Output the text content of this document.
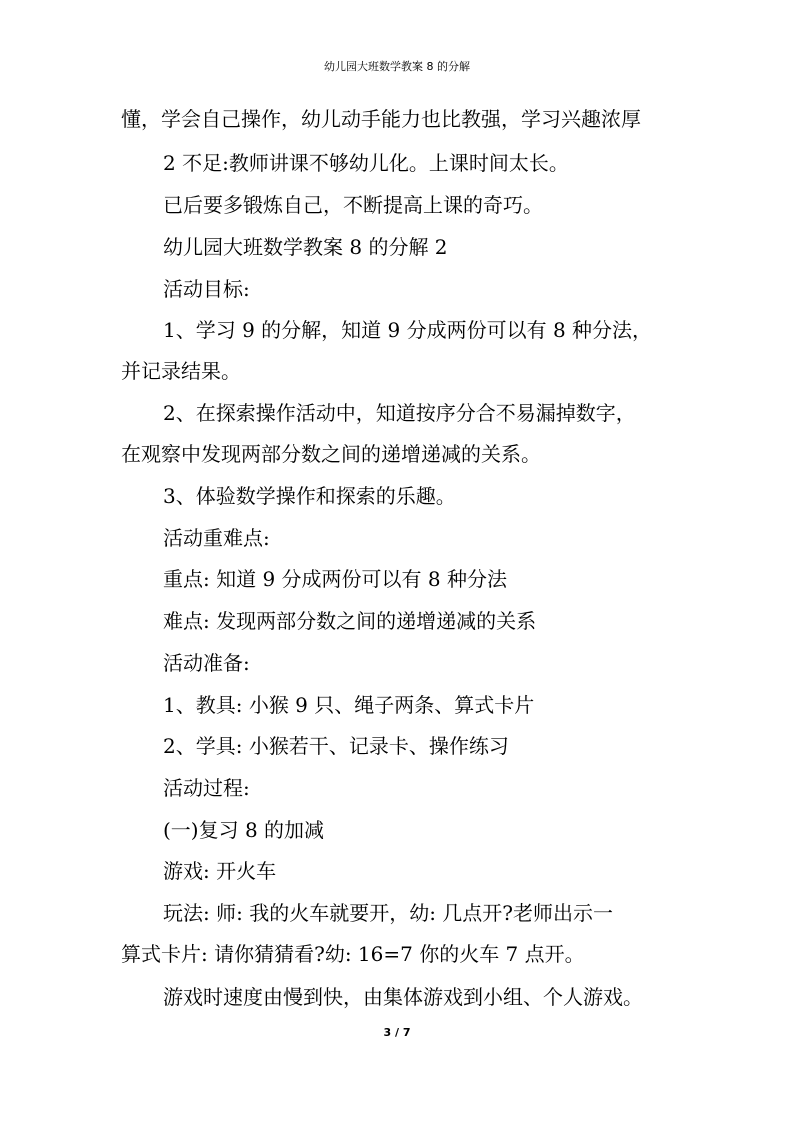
幼儿园大班数学教案 8 的分解
懂，学会自己操作，幼儿动手能力也比教强，学习兴趣浓厚
2 不足:教师讲课不够幼儿化。上课时间太长。
已后要多锻炼自己，不断提高上课的奇巧。
幼儿园大班数学教案 8 的分解 2
活动目标:
1、学习 9 的分解，知道 9 分成两份可以有 8 种分法，
并记录结果。
2、在探索操作活动中，知道按序分合不易漏掉数字，
在观察中发现两部分数之间的递增递减的关系。
3、体验数学操作和探索的乐趣。
活动重难点:
重点: 知道 9 分成两份可以有 8 种分法
难点: 发现两部分数之间的递增递减的关系
活动准备:
1、教具: 小猴 9 只、绳子两条、算式卡片
2、学具: 小猴若干、记录卡、操作练习
活动过程:
(一)复习 8 的加减
游戏: 开火车
玩法: 师: 我的火车就要开，幼: 几点开?老师出示一
算式卡片: 请你猜猜看?幼: 16=7 你的火车 7 点开。
游戏时速度由慢到快，由集体游戏到小组、个人游戏。
3 / 7
